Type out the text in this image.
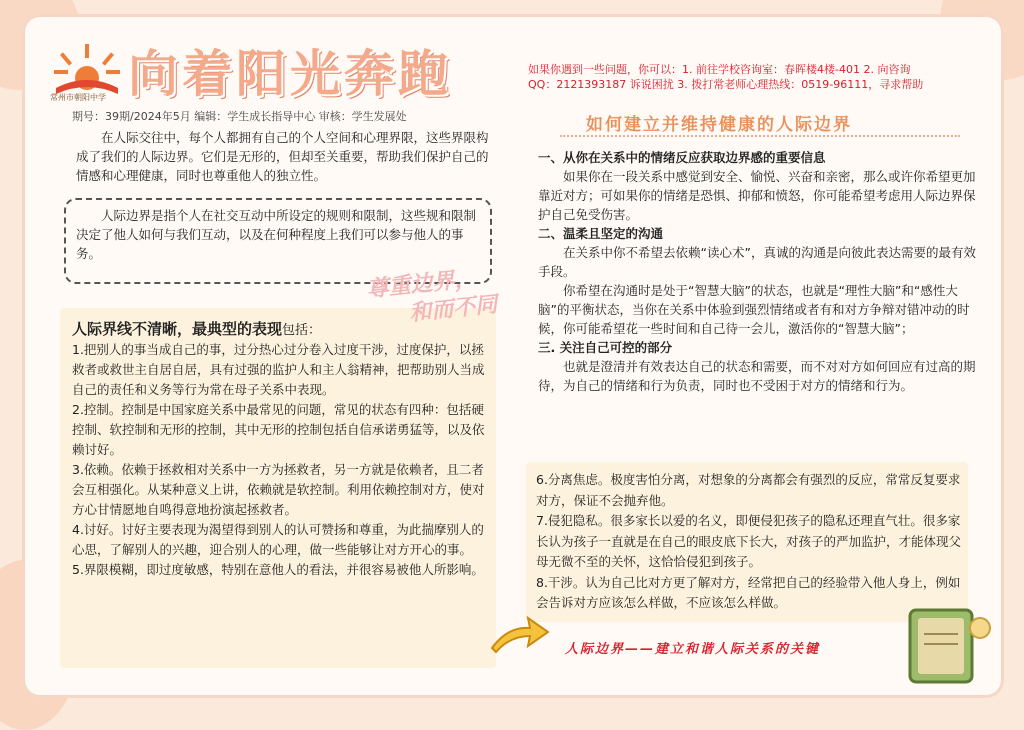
常州市朝阳中学 向着阳光奔跑
期号：39期/2024年5月 编辑：学生成长指导中心 审核：学生发展处
如果你遇到一些问题，你可以：1. 前往学校咨询室：春晖楼4楼-401 2. 向咨询
QQ：2121393187 诉说困扰 3. 拨打常老师心理热线：0519-96111，寻求帮助
在人际交往中，每个人都拥有自己的个人空间和心理界限，这些界限构成了我们的人际边界。它们是无形的，但却至关重要，帮助我们保护自己的情感和心理健康，同时也尊重他人的独立性。
人际边界是指个人在社交互动中所设定的规则和限制，这些规和限制决定了他人如何与我们互动，以及在何种程度上我们可以参与他人的事务。
尊重边界，
和而不同
人际界线不清晰，最典型的表现包括：

1.把别人的事当成自己的事，过分热心过分卷入过度干涉，过度保护，以拯救者或救世主自居自居，具有过强的监护人和主人翁精神，把帮助别人当成自己的责任和义务等行为常在母子关系中表现。

2.控制。控制是中国家庭关系中最常见的问题，常见的状态有四种：包括硬控制、软控制和无形的控制，其中无形的控制包括自信承诺勇猛等，以及依赖讨好。

3.依赖。依赖于拯救相对关系中一方为拯救者，另一方就是依赖者，且二者会互相强化。从某种意义上讲，依赖就是软控制。利用依赖控制对方，使对方心甘情愿地自鸣得意地扮演起拯救者。

4.讨好。讨好主要表现为渴望得到别人的认可赞扬和尊重，为此揣摩别人的心思，了解别人的兴趣，迎合别人的心理，做一些能够让对方开心的事。

5.界限模糊，即过度敏感，特别在意他人的看法，并很容易被他人所影响。

如何建立并维持健康的人际边界

一、从你在关系中的情绪反应获取边界感的重要信息

如果你在一段关系中感觉到安全、愉悦、兴奋和亲密，那么或许你希望更加靠近对方；可如果你的情绪是恐惧、抑郁和愤怒，你可能希望考虑用人际边界保护自己免受伤害。

二、温柔且坚定的沟通

在关系中你不希望去依赖“读心术”，真诚的沟通是向彼此表达需要的最有效手段。

你希望在沟通时是处于“智慧大脑”的状态，也就是“理性大脑”和“感性大脑”的平衡状态，当你在关系中体验到强烈情绪或者有和对方争辩对错冲动的时候，你可能希望花一些时间和自己待一会儿，激活你的“智慧大脑”；

三. 关注自己可控的部分

也就是澄清并有效表达自己的状态和需要，而不对对方如何回应有过高的期待，为自己的情绪和行为负责，同时也不受困于对方的情绪和行为。

6.分离焦虑。极度害怕分离，对想象的分离都会有强烈的反应，常常反复要求对方，保证不会抛弃他。

7.侵犯隐私。很多家长以爱的名义，即便侵犯孩子的隐私还理直气壮。很多家长认为孩子一直就是在自己的眼皮底下长大，对孩子的严加监护，才能体现父母无微不至的关怀，这恰恰侵犯到孩子。

8.干涉。认为自己比对方更了解对方，经常把自己的经验带入他人身上，例如会告诉对方应该怎么样做，不应该怎么样做。

人际边界——建立和谐人际关系的关键
